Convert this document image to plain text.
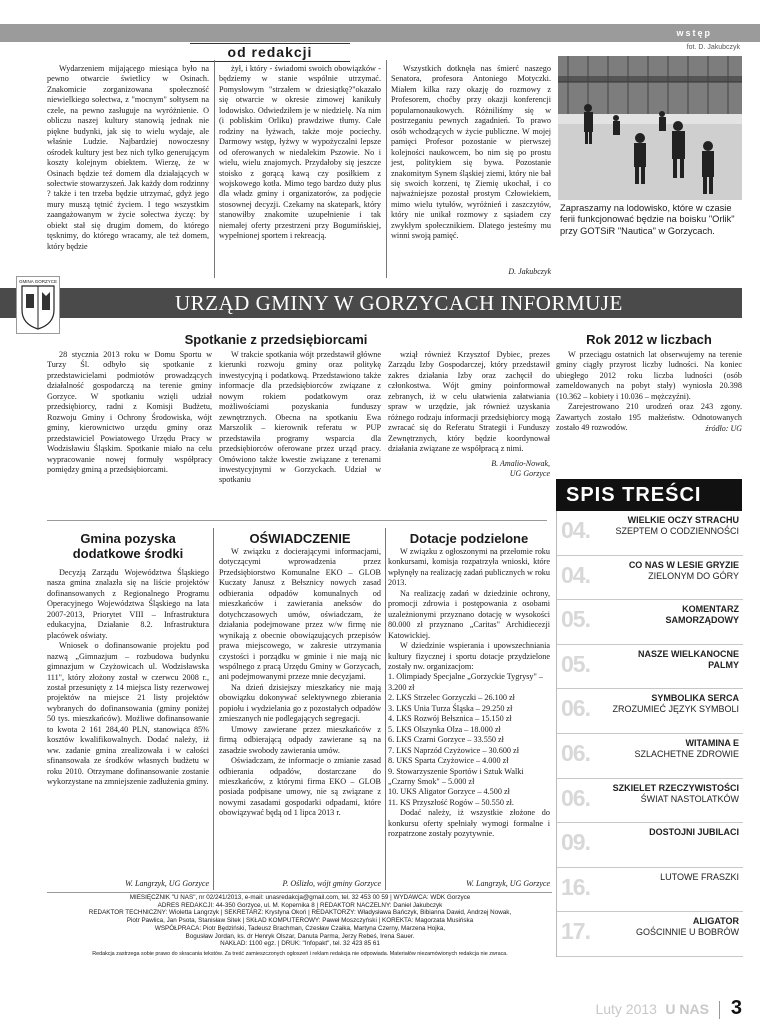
wstęp
od redakcji

Wydarzeniem mijającego miesiąca było na pewno otwarcie świetlicy w Osinach. Znakomicie zorganizowana społeczność niewielkiego sołectwa, z "mocnym" sołtysem na czele, na pewno zasługuje na wyróżnienie. O obliczu naszej kultury stanowią jednak nie piękne budynki, jak się to wielu wydaje, ale właśnie Ludzie. Najbardziej nowoczesny ośrodek kultury jest bez nich tylko generującym koszty kolejnym obiektem. Wierzę, że w Osinach będzie teź domem dla działających w sołectwie stowarzyszeń. Jak każdy dom rodzinny ? także i ten trzeba będzie utrzymać, gdyż jego mury muszą tętnić życiem. I tego wszystkim zaangażowanym w życie sołectwa życzę: by obiekt stał się drugim domem, do którego tęsknimy, do którego wracamy, ale też domem, który będzie

żył, i który - świadomi swoich obowiązków - będziemy w stanie wspólnie utrzymać. Pomysłowym "strzałem w dziesiątkę?"okazało się otwarcie w okresie zimowej kanikuły lodowisko. Odwiedziłem je w niedzielę. Na nim (i pobliskim Orliku) prawdziwe tłumy. Całe rodziny na łyżwach, także moje pociechy. Darmowy wstęp, łyżwy w wypożyczalni lepsze od oferowanych w niedalekim Pszowie. No i wielu, wielu znajomych. Przydałoby się jeszcze stoisko z gorącą kawą czy posiłkiem z wojskowego kotła. Mimo tego bardzo duży plus dla władz gminy i organizatorów, za podjęcie stosownej decyzji. Czekamy na skatepark, który stanowiłby znakomite uzupełnienie i tak niemałej oferty przestrzeni przy Bogumińskiej, wypełnionej sportem i rekreacją.

Wszystkich dotknęła nas śmierć naszego Senatora, profesora Antoniego Motyczki. Miałem kilka razy okazję do rozmowy z Profesorem, choćby przy okazji konferencji popularnonaukowych. Różniliśmy się w postrzeganiu pewnych zagadnień. To prawo osób wchodzących w życie publiczne. W mojej pamięci Profesor pozostanie w pierwszej kolejności naukowcem, bo nim się po prostu jest, politykiem się bywa. Pozostanie znakomitym Synem śląskiej ziemi, który nie bał się swoich korzeni, tę Ziemię ukochał, i co najważniejsze pozostał prostym Człowiekiem, mimo wielu tytułów, wyróżnień i zaszczytów, który nie unikał rozmowy z sąsiadem czy zwykłym społecznikiem. Dlatego jesteśmy mu winni swoją pamięć.

D. Jakubczyk
fot. D. Jakubczyk
Zapraszamy na lodowisko, które w czasie ferii funkcjonować będzie na boisku "Orlik" przy GOTSiR "Nautica" w Gorzycach.
URZĄD GMINY W GORZYCACH INFORMUJE
GMINA GORZYCE
Spotkanie z przedsiębiorcami

28 stycznia 2013 roku w Domu Sportu w Turzy Śl. odbyło się spotkanie z przedstawicielami podmiotów prowadzących działalność gospodarczą na terenie gminy Gorzyce. W spotkaniu wzięli udział przedsiębiorcy, radni z Komisji Budżetu, Rozwoju Gminy i Ochrony Środowiska, wójt gminy, kierownictwo urzędu gminy oraz przedstawiciel Powiatowego Urzędu Pracy w Wodzisławiu Śląskim. Spotkanie miało na celu wypracowanie nowej formuły współpracy pomiędzy gminą a przedsiębiorcami.

W trakcie spotkania wójt przedstawił główne kierunki rozwoju gminy oraz politykę inwestycyjną i podatkową. Przedstawiono także informacje dla przedsiębiorców związane z nowym rokiem podatkowym oraz możliwościami pozyskania funduszy zewnętrznych. Obecna na spotkaniu Ewa Marszolik – kierownik referatu w PUP przedstawiła programy wsparcia dla przedsiębiorców oferowane przez urząd pracy. Omówiono także kwestie związane z terenami inwestycyjnymi w Gorzyckach. Udział w spotkaniu

wziął również Krzysztof Dybiec, prezes Zarządu Izby Gospodarczej, który przedstawił zakres działania Izby oraz zachęcił do członkostwa. Wójt gminy poinformował zebranych, iż w celu ułatwienia załatwiania spraw w urzędzie, jak również uzyskania różnego rodzaju informacji przedsiębiorcy mogą zwracać się do Referatu Strategii i Funduszy Zewnętrznych, który będzie koordynował działania związane ze współpracą z nimi.

B. Amalio-Nowak,
UG Gorzyce
Rok 2012 w liczbach

W przeciągu ostatnich lat obserwujemy na terenie gminy ciągły przyrost liczby ludności. Na koniec ubiegłego 2012 roku liczba ludności (osób zameldowanych na pobyt stały) wyniosła 20.398 (10.362 – kobiety i 10.036 – mężczyźni).

Zarejestrowano 210 urodzeń oraz 243 zgony. Zawartych zostało 195 małżeństw. Odnotowanych zostało 49 rozwodów.	źródło: UG
Gmina pozyska dodatkowe środki

Decyzją Zarządu Województwa Śląskiego nasza gmina znalazła się na liście projektów dofinansowanych z Regionalnego Programu Operacyjnego Województwa Śląskiego na lata 2007-2013, Priorytet VIII – Infrastruktura edukacyjna, Działanie 8.2. Infrastruktura placówek oświaty.

Wniosek o dofinansowanie projektu pod nazwą „Gimnazjum – rozbudowa budynku gimnazjum w Czyżowicach ul. Wodzisławska 111", który złożony został w czerwcu 2008 r., został przesunięty z 14 miejsca listy rezerwowej projektów na miejsce 21 listy projektów wybranych do dofinansowania (gminy poniżej 50 tys. mieszkańców). Możliwe dofinansowanie to kwota 2 161 284,40 PLN, stanowiąca 85% kosztów kwalifikowalnych. Dodać należy, iż ww. zadanie gmina zrealizowała i w całości sfinansowała ze środków własnych budżetu w roku 2010. Otrzymane dofinansowanie zostanie wykorzystane na zmniejszenie zadłużenia gminy.

W. Langrzyk, UG Gorzyce
OŚWIADCZENIE

W związku z docierającymi informacjami, dotyczącymi wprowadzenia przez Przedsiębiorstwo Komunalne EKO – GLOB Kuczaty Janusz z Bełsznicy nowych zasad odbierania odpadów komunalnych od mieszkańców i zawierania aneksów do dotychczasowych umów, oświadczam, że działania podejmowane przez w/w firmę nie wynikają z obecnie obowiązujących przepisów prawa miejscowego, w zakresie utrzymania czystości i porządku w gminie i nie mają nic wspólnego z pracą Urzędu Gminy w Gorzycach, ani podejmowanymi przeze mnie decyzjami.

Na dzień dzisiejszy mieszkańcy nie mają obowiązku dokonywać selektywnego zbierania popiołu i wydzielania go z pozostałych odpadów zmieszanych nie podlegających segregacji.

Umowy zawierane przez mieszkańców z firmą odbierającą odpady zawierane są na zasadzie swobody zawierania umów.

Oświadczam, że informacje o zmianie zasad odbierania odpadów, dostarczane do mieszkańców, z którymi firma EKO – GLOB posiada podpisane umowy, nie są związane z nowymi zasadami gospodarki odpadami, które obowiązywać będą od 1 lipca 2013 r.

P. Oślizło, wójt gminy Gorzyce
Dotacje podzielone

W związku z ogłoszonymi na przełomie roku konkursami, komisja rozpatrzyła wnioski, które wpłynęły na realizację zadań publicznych w roku 2013.

Na realizację zadań w dziedzinie ochrony, promocji zdrowia i postępowania z osobami uzależnionymi przyznano dotację w wysokości 80.000 zł przyznano „Caritas" Archidiecezji Katowickiej.

W dziedzinie wspierania i upowszechniania kultury fizycznej i sportu dotacje przydzielone zostały nw. organizacjom:

1. Olimpiady Specjalne „Gorzyckie Tygrysy" – 3.200 zł
2. LKS Strzelec Gorzyczki – 26.100 zł
3. LKS Unia Turza Śląska – 29.250 zł
4. LKS Rozwój Bełsznica – 15.150 zł
5. LKS Olszynka Olza – 18.000 zł
6. LKS Czarni Gorzyce – 33.550 zł
7. LKS Naprzód Czyżowice – 30.600 zł
8. UKS Sparta Czyżowice – 4.000 zł
9. Stowarzyszenie Sportów i Sztuk Walki „Czarny Smok" – 5.000 zł
10. UKS Aligator Gorzyce – 4.500 zł
11. KS Przyszłość Rogów – 50.550 zł.

Dodać należy, iż wszystkie złożone do konkursu oferty spełniały wymogi formalne i rozpatrzone zostały pozytywnie.

W. Langrzyk, UG Gorzyce
SPIS TREŚCI
04.	WIELKIE OCZY STRACHU
SZEPTEM O CODZIENNOŚCI
04.	CO NAS W LESIE GRYZIE
ZIELONYM DO GÓRY
05.	KOMENTARZ SAMORZĄDOWY
05.	NASZE WIELKANOCNE PALMY
06.	SYMBOLIKA SERCA
ZROZUMIEĆ JĘZYK SYMBOLI
06.	WITAMINA E
SZLACHETNE ZDROWIE
06.	SZKIELET RZECZYWISTOŚCI
ŚWIAT NASTOLATKÓW
09.	DOSTOJNI JUBILACI
16.	LUTOWE FRASZKI
17.	ALIGATOR
GOŚCINNIE U BOBRÓW
MIESIĘCZNIK "U NAS", nr 02/241/2013, e-mail: unasredakcja@gmail.com, tel. 32 453 00 59 | WYDAWCA: WDK Gorzyce
ADRES REDAKCJI: 44-350 Gorzyce, ul. M. Kopernika 8 | REDAKTOR NACZELNY: Daniel Jakubczyk
REDAKTOR TECHNICZNY: Wioletta Langrzyk | SEKRETARZ: Krystyna Okoń | REDAKTORZY: Władysława Bańczyk, Bibianna Dawid, Andrzej Nowak,
Piotr Pawlica, Jan Psota, Stanisław Sitek | SKŁAD KOMPUTEROWY: Paweł Moszczyński | KOREKTA: Magorzata Musińska
WSPÓŁPRACA: Piotr Będziński, Tadeusz Brachman, Czesław Czaika, Martyna Czerny, Marzena Hojka,
Bogusław Jordan, ks. dr Henryk Olszar, Danuta Parma, Jerzy Rebeś, Irena Sauer.
NAKŁAD: 1100 egz. | DRUK: "Infopakt", tel. 32 423 85 61
Redakcja zastrzega sobie prawo do skracania tekstów. Za treść zamieszczonych ogłoszeń i reklam redakcja nie odpowiada. Materiałów niezamówionych redakcja nie zwraca.
Luty 2013 U NAS 3
